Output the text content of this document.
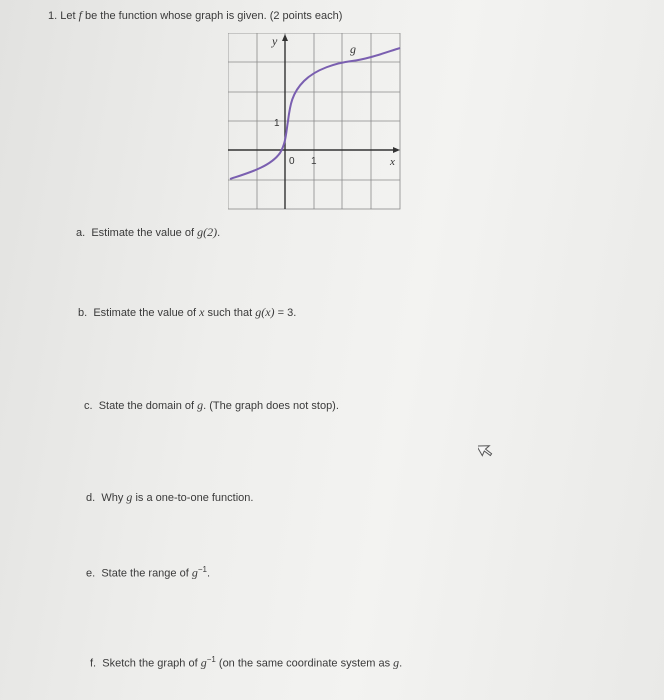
1. Let f be the function whose graph is given. (2 points each)
y
g
1
0 1	x
a. Estimate the value of g(2).
b. Estimate the value of x such that g(x) = 3.
c. State the domain of g. (The graph does not stop).
d. Why g is a one-to-one function.
e. State the range of $g^{-1}$.
f. Sketch the graph of $g^{-1}$ (on the same coordinate system as g.
